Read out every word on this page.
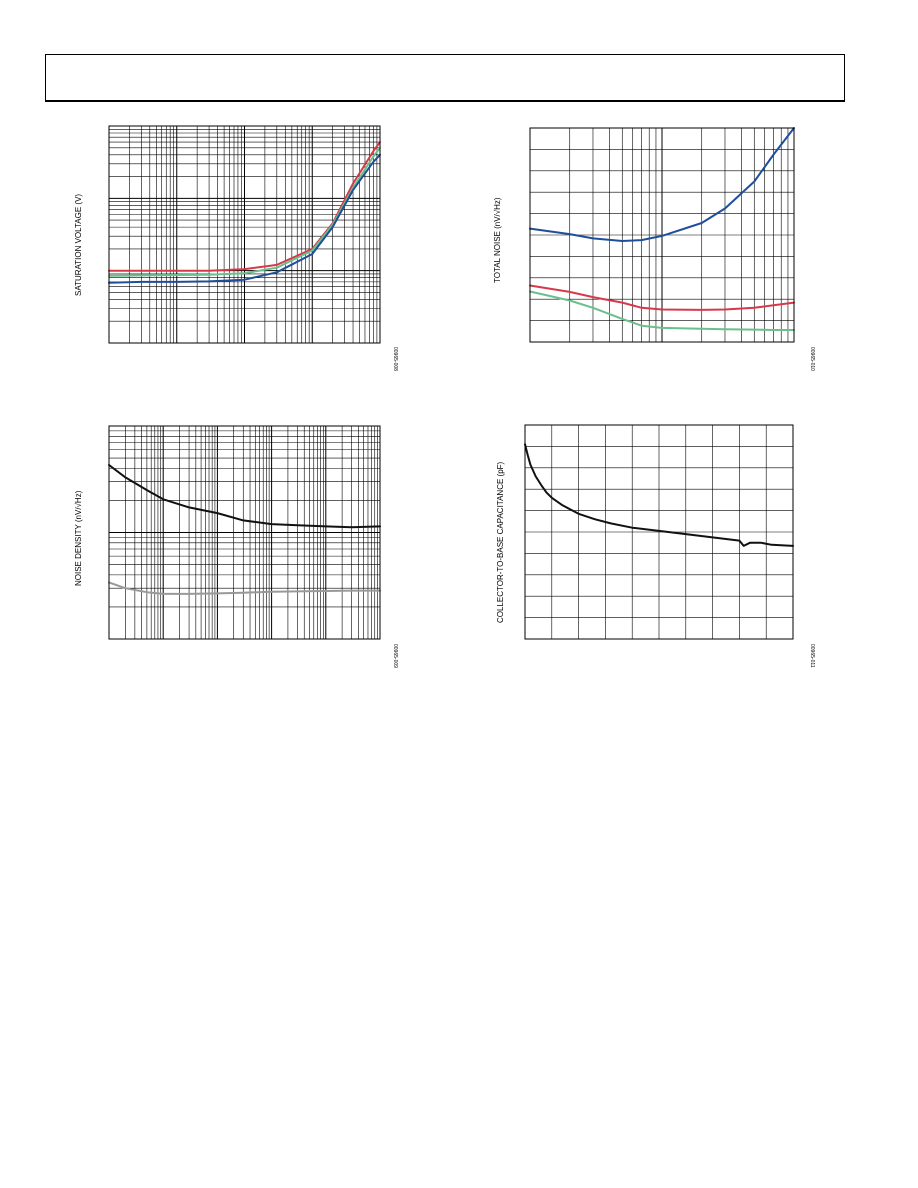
SATURATION VOLTAGE (V)
00965-008
TOTAL NOISE (nV/√Hz)
00965-010
NOISE DENSITY (nV/√Hz)
00965-009
COLLECTOR-TO-BASE CAPACITANCE (pF)
00965-011
